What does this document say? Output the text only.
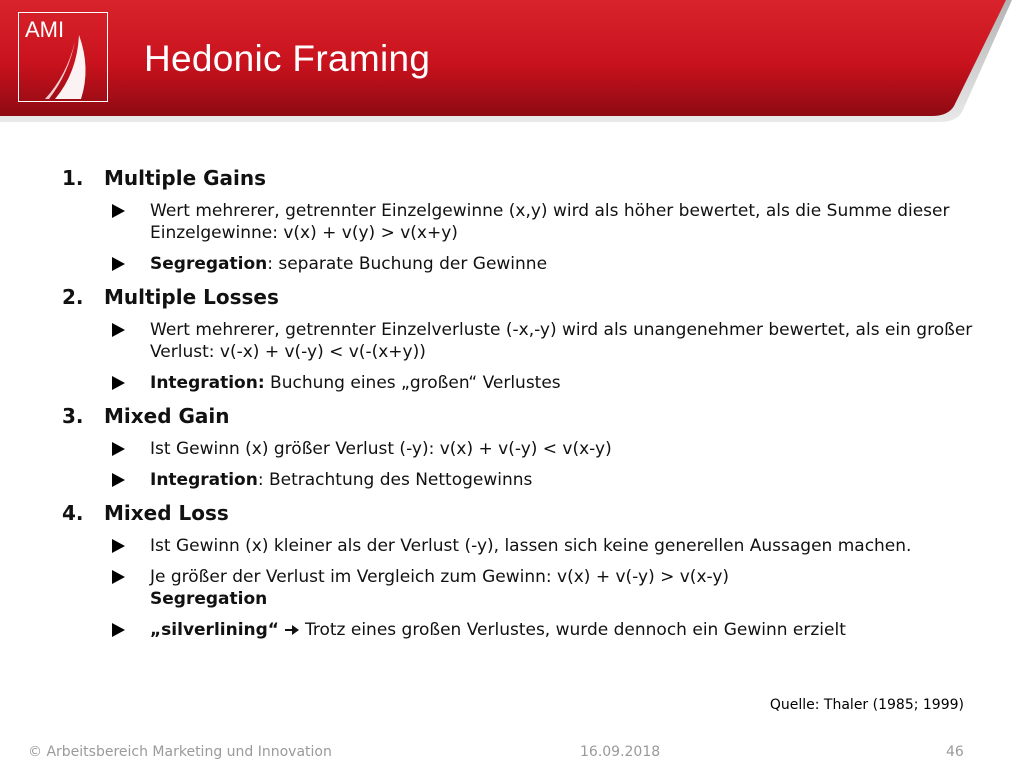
AMI
Hedonic Framing

1.	Multiple Gains

Wert mehrerer, getrennter Einzelgewinne (x,y) wird als höher bewertet, als die Summe dieser Einzelgewinne: v(x) + v(y) > v(x+y)

Segregation: separate Buchung der Gewinne

2.	Multiple Losses

Wert mehrerer, getrennter Einzelverluste (-x,-y) wird als unangenehmer bewertet, als ein großer Verlust: v(-x) + v(-y) < v(-(x+y))

Integration: Buchung eines „großen“ Verlustes

3.	Mixed Gain

Ist Gewinn (x) größer Verlust (-y): v(x) + v(-y) < v(x-y)

Integration: Betrachtung des Nettogewinns

4.	Mixed Loss

Ist Gewinn (x) kleiner als der Verlust (-y), lassen sich keine generellen Aussagen machen.

Je größer der Verlust im Vergleich zum Gewinn: v(x) + v(-y) > v(x-y)
Segregation

„silverlining“ Trotz eines großen Verlustes, wurde dennoch ein Gewinn erzielt

Quelle: Thaler (1985; 1999)
© Arbeitsbereich Marketing und Innovation	16.09.2018	46
